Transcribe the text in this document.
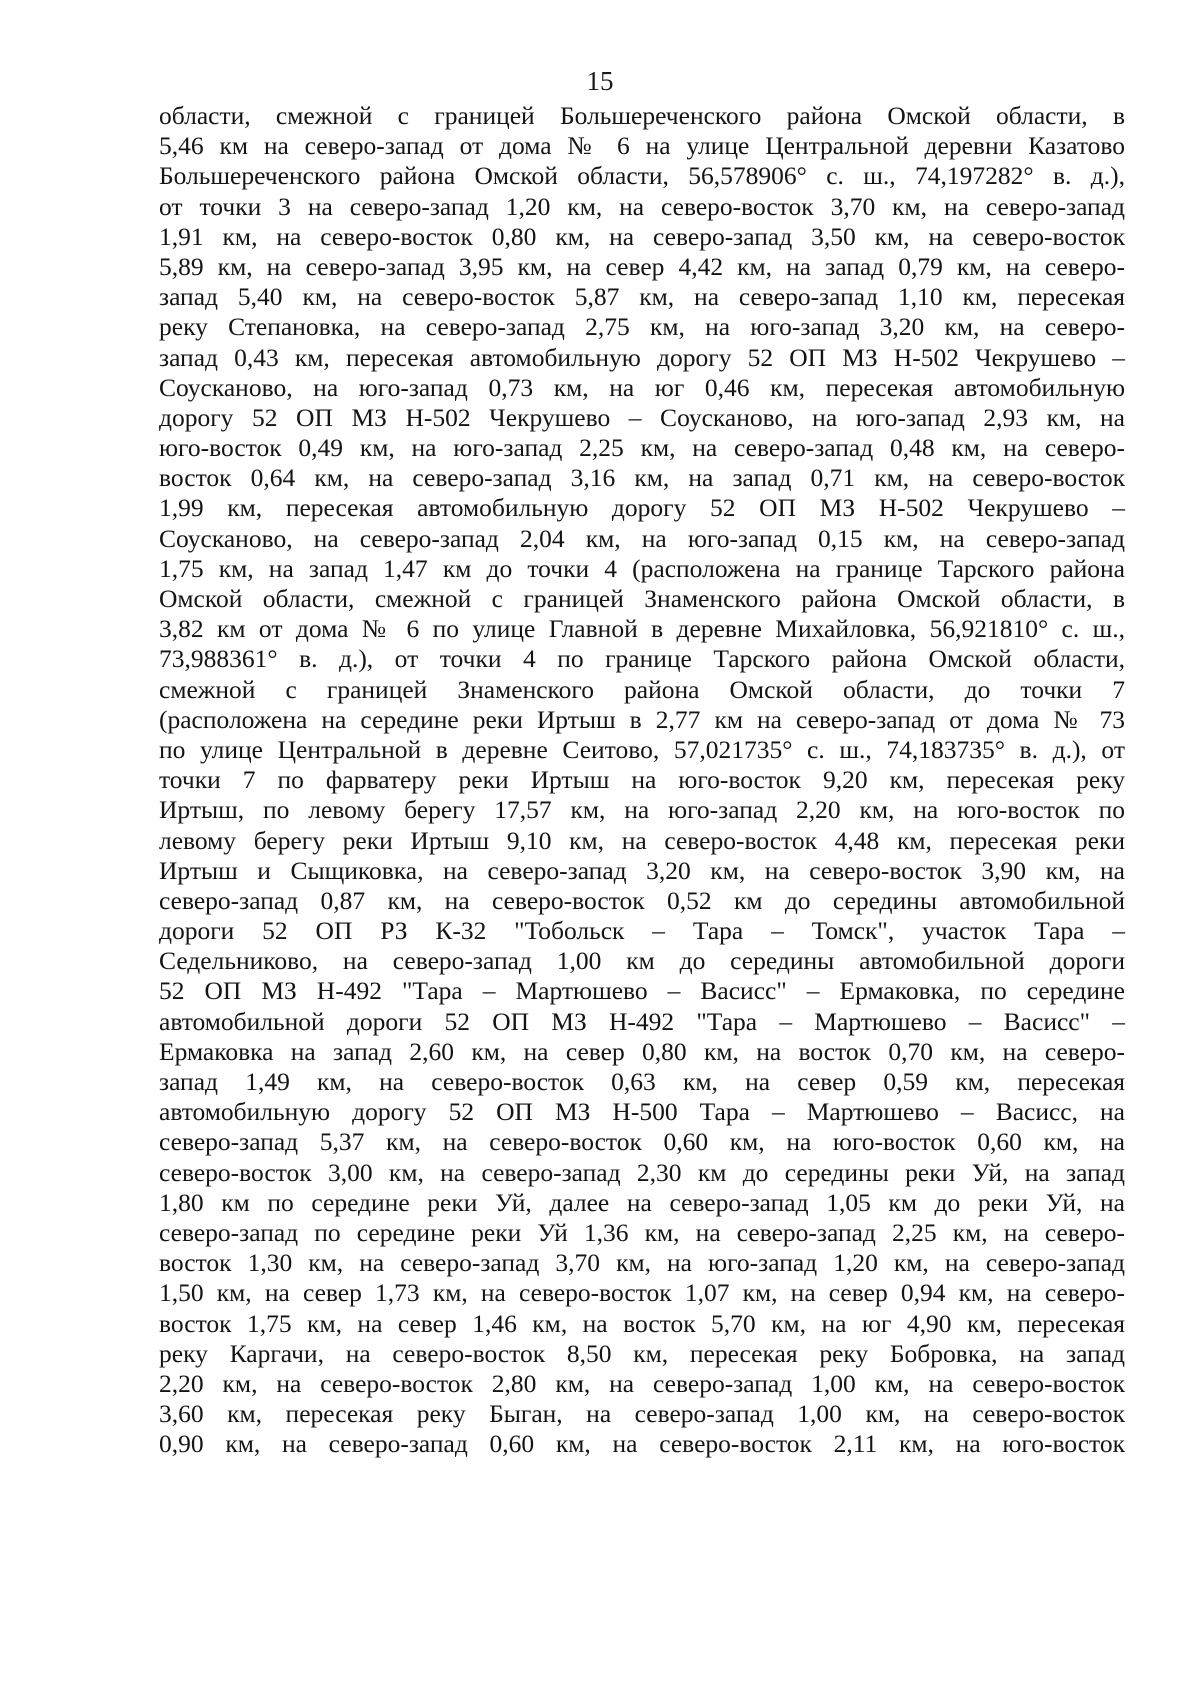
15
области, смежной с границей Большереченского района Омской области, в
5,46 км на северо-запад от дома № 6 на улице Центральной деревни Казатово
Большереченского района Омской области, 56,578906° с. ш., 74,197282° в. д.),
от точки 3 на северо-запад 1,20 км, на северо-восток 3,70 км, на северо-запад
1,91 км, на северо-восток 0,80 км, на северо-запад 3,50 км, на северо-восток
5,89 км, на северо-запад 3,95 км, на север 4,42 км, на запад 0,79 км, на северо-
запад 5,40 км, на северо-восток 5,87 км, на северо-запад 1,10 км, пересекая
реку Степановка, на северо-запад 2,75 км, на юго-запад 3,20 км, на северо-
запад 0,43 км, пересекая автомобильную дорогу 52 ОП МЗ Н-502 Чекрушево –
Соусканово, на юго-запад 0,73 км, на юг 0,46 км, пересекая автомобильную
дорогу 52 ОП МЗ Н-502 Чекрушево – Соусканово, на юго-запад 2,93 км, на
юго-восток 0,49 км, на юго-запад 2,25 км, на северо-запад 0,48 км, на северо-
восток 0,64 км, на северо-запад 3,16 км, на запад 0,71 км, на северо-восток
1,99 км, пересекая автомобильную дорогу 52 ОП МЗ Н-502 Чекрушево –
Соусканово, на северо-запад 2,04 км, на юго-запад 0,15 км, на северо-запад
1,75 км, на запад 1,47 км до точки 4 (расположена на границе Тарского района
Омской области, смежной с границей Знаменского района Омской области, в
3,82 км от дома № 6 по улице Главной в деревне Михайловка, 56,921810° с. ш.,
73,988361° в. д.), от точки 4 по границе Тарского района Омской области,
смежной с границей Знаменского района Омской области, до точки 7
(расположена на середине реки Иртыш в 2,77 км на северо-запад от дома № 73
по улице Центральной в деревне Сеитово, 57,021735° с. ш., 74,183735° в. д.), от
точки 7 по фарватеру реки Иртыш на юго-восток 9,20 км, пересекая реку
Иртыш, по левому берегу 17,57 км, на юго-запад 2,20 км, на юго-восток по
левому берегу реки Иртыш 9,10 км, на северо-восток 4,48 км, пересекая реки
Иртыш и Сыщиковка, на северо-запад 3,20 км, на северо-восток 3,90 км, на
северо-запад 0,87 км, на северо-восток 0,52 км до середины автомобильной
дороги 52 ОП РЗ К-32 "Тобольск – Тара – Томск", участок Тара –
Седельниково, на северо-запад 1,00 км до середины автомобильной дороги
52 ОП МЗ Н-492 "Тара – Мартюшево – Васисс" – Ермаковка, по середине
автомобильной дороги 52 ОП МЗ Н-492 "Тара – Мартюшево – Васисс" –
Ермаковка на запад 2,60 км, на север 0,80 км, на восток 0,70 км, на северо-
запад 1,49 км, на северо-восток 0,63 км, на север 0,59 км, пересекая
автомобильную дорогу 52 ОП МЗ Н-500 Тара – Мартюшево – Васисс, на
северо-запад 5,37 км, на северо-восток 0,60 км, на юго-восток 0,60 км, на
северо-восток 3,00 км, на северо-запад 2,30 км до середины реки Уй, на запад
1,80 км по середине реки Уй, далее на северо-запад 1,05 км до реки Уй, на
северо-запад по середине реки Уй 1,36 км, на северо-запад 2,25 км, на северо-
восток 1,30 км, на северо-запад 3,70 км, на юго-запад 1,20 км, на северо-запад
1,50 км, на север 1,73 км, на северо-восток 1,07 км, на север 0,94 км, на северо-
восток 1,75 км, на север 1,46 км, на восток 5,70 км, на юг 4,90 км, пересекая
реку Каргачи, на северо-восток 8,50 км, пересекая реку Бобровка, на запад
2,20 км, на северо-восток 2,80 км, на северо-запад 1,00 км, на северо-восток
3,60 км, пересекая реку Быган, на северо-запад 1,00 км, на северо-восток
0,90 км, на северо-запад 0,60 км, на северо-восток 2,11 км, на юго-восток
